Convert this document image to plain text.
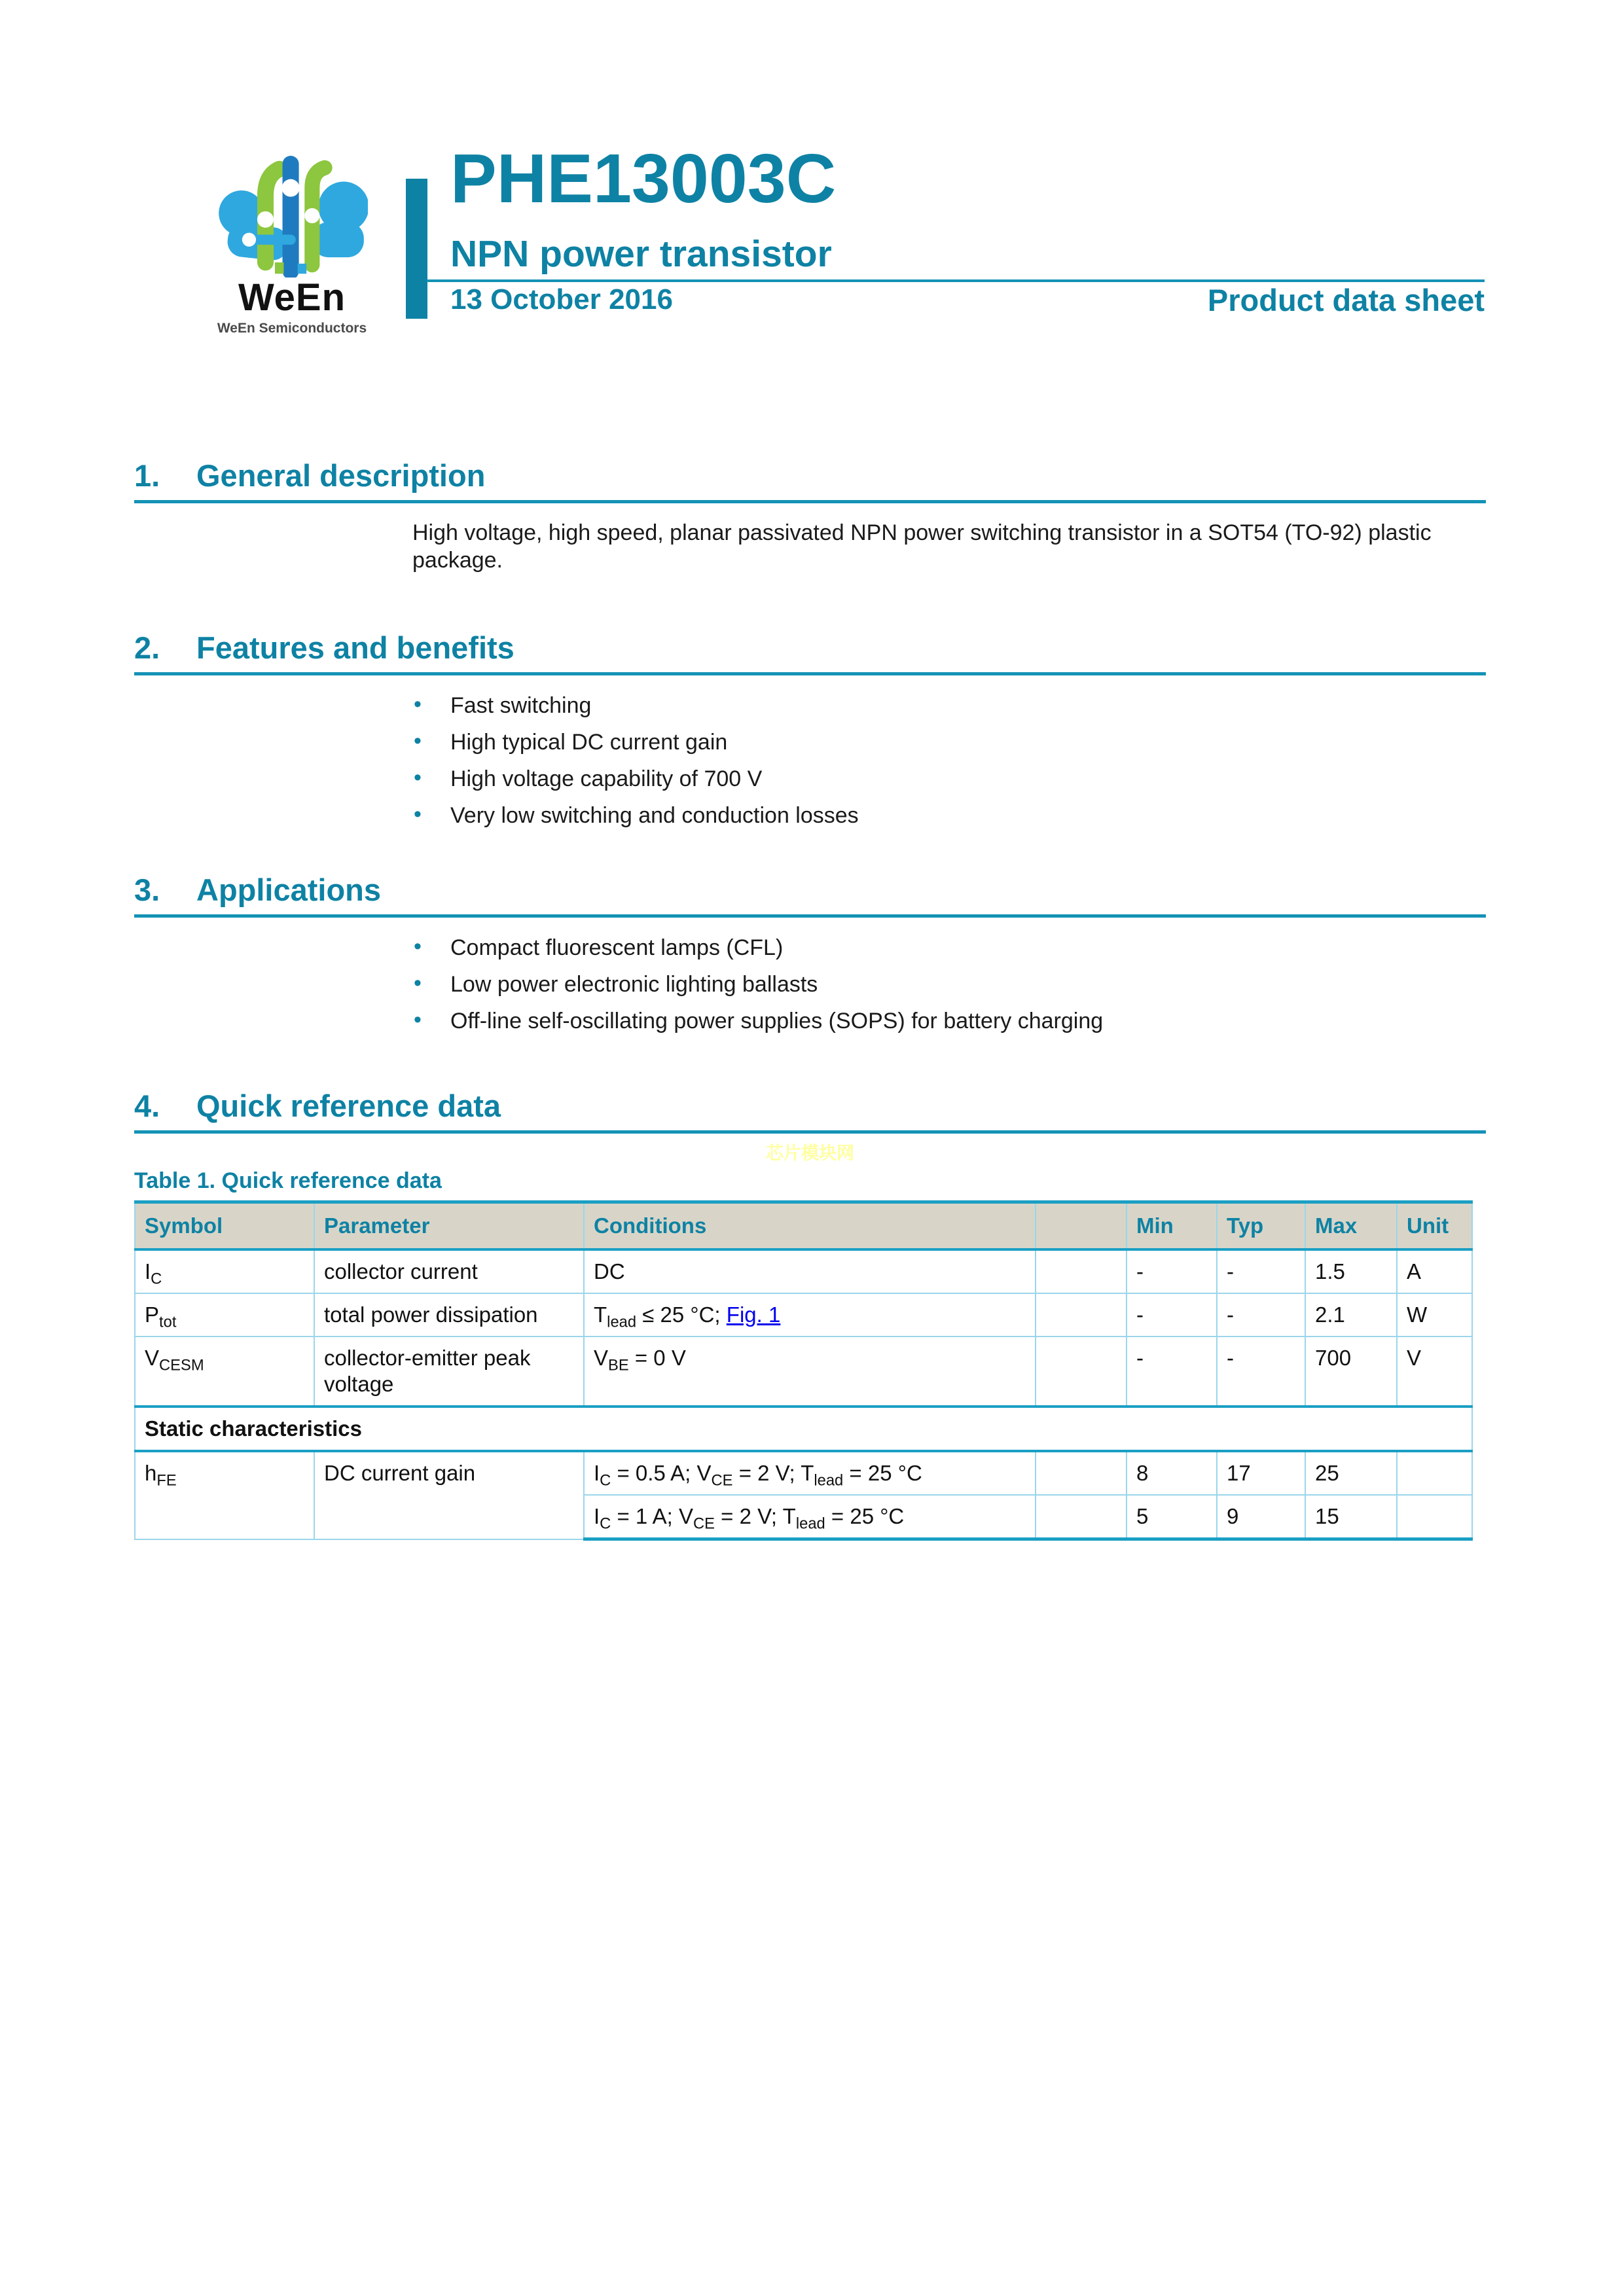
WeEn
WeEn Semiconductors
PHE13003C
NPN power transistor
13 October 2016	Product data sheet
1.	General description

High voltage, high speed, planar passivated NPN power switching transistor in a SOT54 (TO-92) plastic package.

2.	Features and benefits
• Fast switching
• High typical DC current gain
• High voltage capability of 700 V
• Very low switching and conduction losses
3.	Applications
• Compact fluorescent lamps (CFL)
• Low power electronic lighting ballasts
• Off-line self-oscillating power supplies (SOPS) for battery charging
4.	Quick reference data
芯片模块网
Table 1. Quick reference data
Symbol	Parameter	Conditions		Min	Typ	Max	Unit
$I_C$	collector current	DC		-	-	1.5	A
$P_{tot}$	total power dissipation	$T_{lead} \le 25$ °C; Fig. 1		-	-	2.1	W
$V_{CESM}$	collector-emitter peak voltage	$V_{BE} = 0$ V		-	-	700	V
Static characteristics							
$h_{FE}$	DC current gain	$I_C = 0.5$ A; $V_{CE} = 2$ V; $T_{lead} = 25$ °C		8	17	25	
		$I_C = 1$ A; $V_{CE} = 2$ V; $T_{lead} = 25$ °C		5	9	15	
